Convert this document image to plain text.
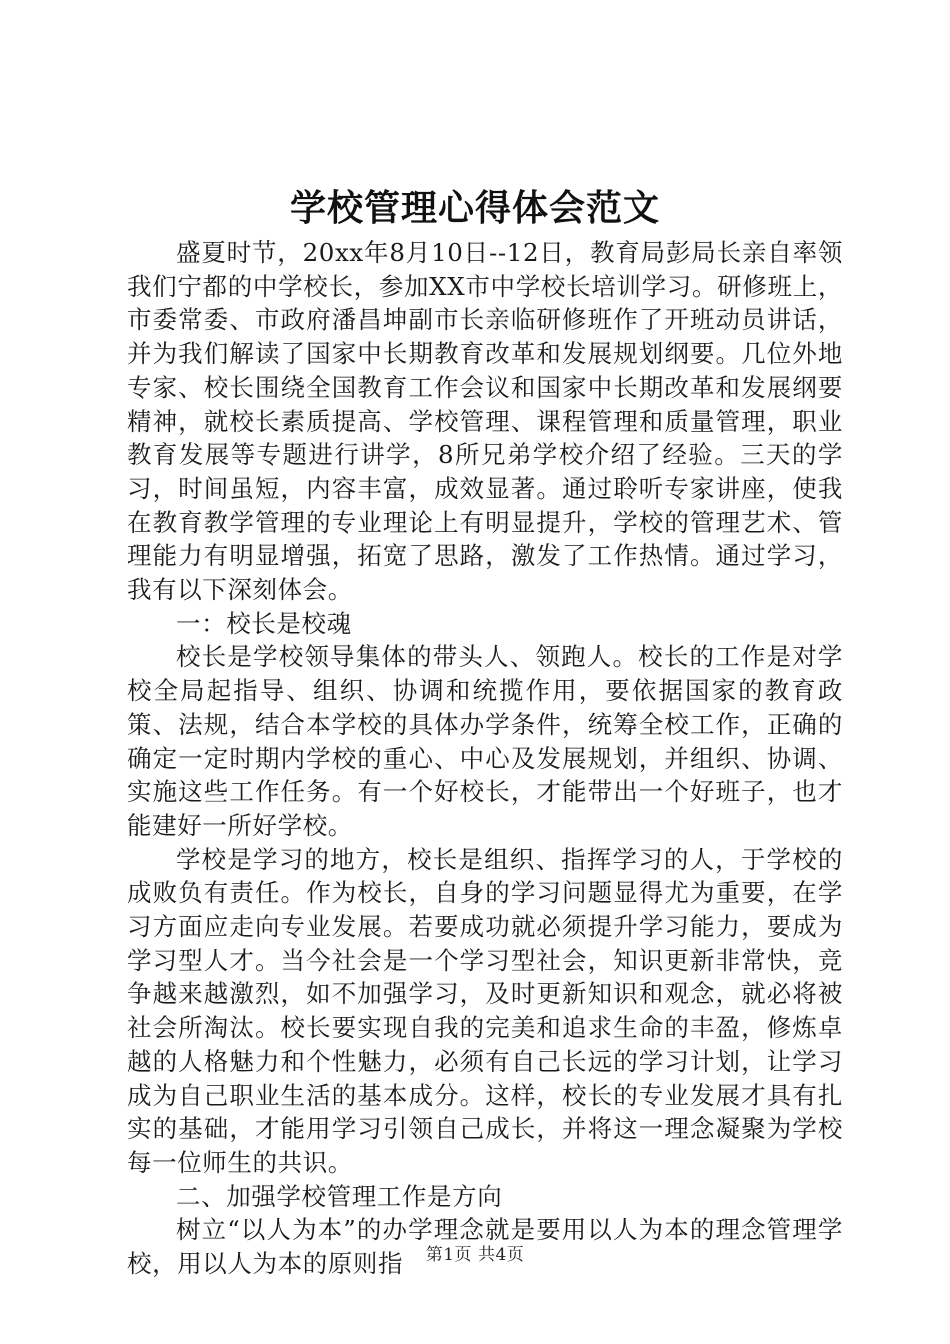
学校管理心得体会范文

盛夏时节，20xx年8月10日--12日，教育局彭局长亲自率领我们宁都的中学校长，参加XX市中学校长培训学习。研修班上，市委常委、市政府潘昌坤副市长亲临研修班作了开班动员讲话，并为我们解读了国家中长期教育改革和发展规划纲要。几位外地专家、校长围绕全国教育工作会议和国家中长期改革和发展纲要精神，就校长素质提高、学校管理、课程管理和质量管理，职业教育发展等专题进行讲学，8所兄弟学校介绍了经验。三天的学习，时间虽短，内容丰富，成效显著。通过聆听专家讲座，使我在教育教学管理的专业理论上有明显提升，学校的管理艺术、管理能力有明显增强，拓宽了思路，激发了工作热情。通过学习，我有以下深刻体会。

一：校长是校魂

校长是学校领导集体的带头人、领跑人。校长的工作是对学校全局起指导、组织、协调和统揽作用，要依据国家的教育政策、法规，结合本学校的具体办学条件，统筹全校工作，正确的确定一定时期内学校的重心、中心及发展规划，并组织、协调、实施这些工作任务。有一个好校长，才能带出一个好班子，也才能建好一所好学校。

学校是学习的地方，校长是组织、指挥学习的人，于学校的成败负有责任。作为校长，自身的学习问题显得尤为重要，在学习方面应走向专业发展。若要成功就必须提升学习能力，要成为学习型人才。当今社会是一个学习型社会，知识更新非常快，竞争越来越激烈，如不加强学习，及时更新知识和观念，就必将被社会所淘汰。校长要实现自我的完美和追求生命的丰盈，修炼卓越的人格魅力和个性魅力，必须有自己长远的学习计划，让学习成为自己职业生活的基本成分。这样，校长的专业发展才具有扎实的基础，才能用学习引领自己成长，并将这一理念凝聚为学校每一位师生的共识。

二、加强学校管理工作是方向

树立“以人为本”的办学理念就是要用以人为本的理念管理学校，用以人为本的原则指	第1页 共4页
